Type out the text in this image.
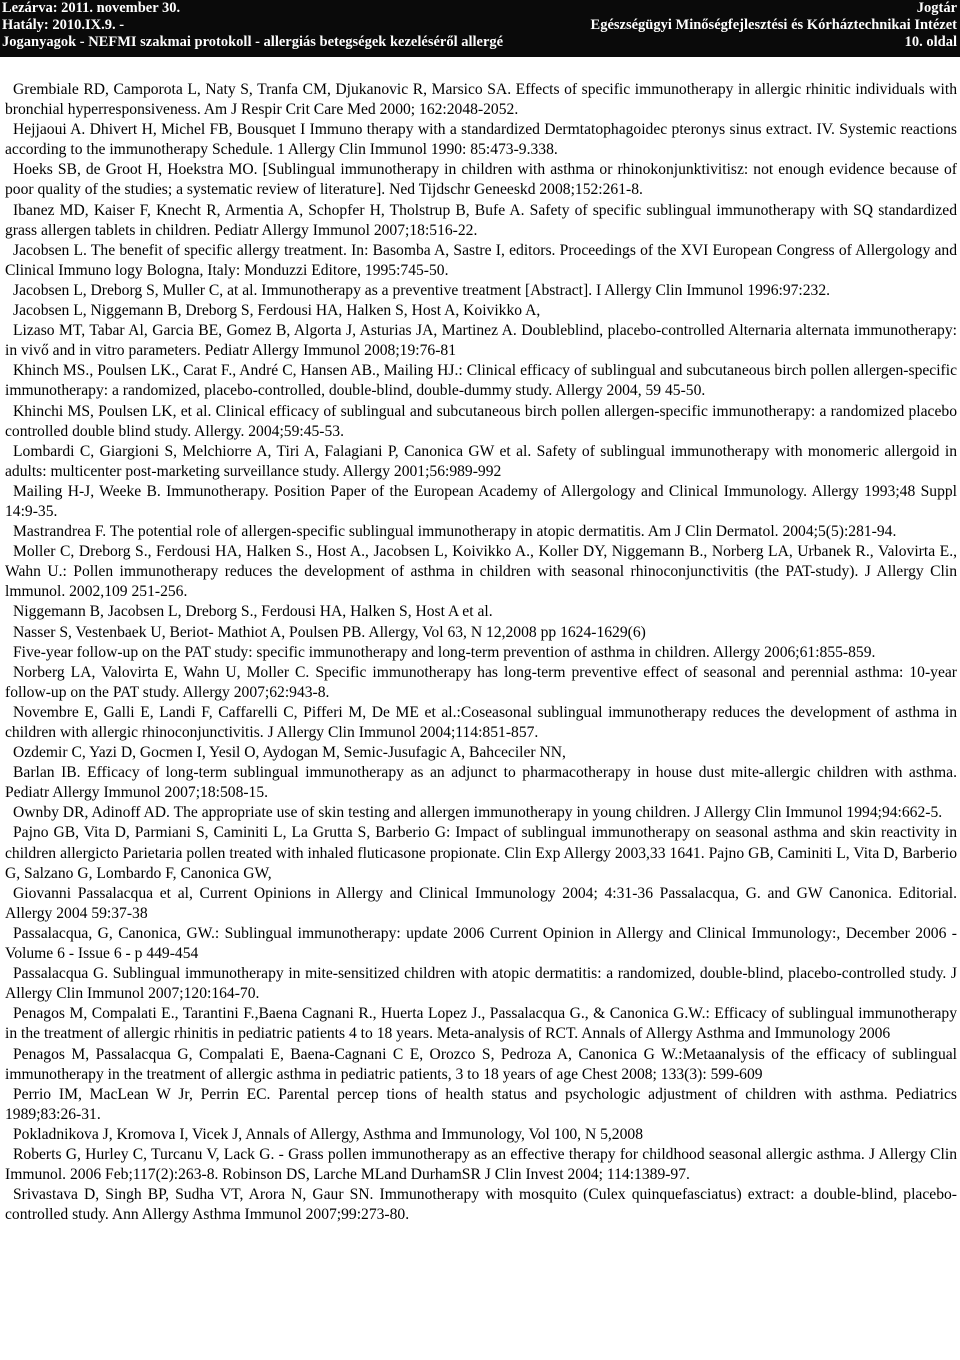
Lezárva: 2011. november 30.
Hatály: 2010.IX.9. -
Joganyagok - NEFMI szakmai protokoll - allergiás betegségek kezeléséről allergé
Jogtár
Egészségügyi Minőségfejlesztési és Kórháztechnikai Intézet
10. oldal

Grembiale RD, Camporota L, Naty S, Tranfa CM, Djukanovic R, Marsico SA. Effects of specific immunotherapy in allergic rhinitic individuals with bronchial hyperresponsiveness. Am J Respir Crit Care Med 2000; 162:2048-2052.

Hejjaoui A. Dhivert H, Michel FB, Bousquet I Immuno therapy with a standardized Dermtatophagoidec pteronys sinus extract. IV. Systemic reactions according to the immunotherapy Schedule. 1 Allergy Clin Immunol 1990: 85:473-9.338.

Hoeks SB, de Groot H, Hoekstra MO. [Sublingual immunotherapy in children with asthma or rhinokonjunktivitisz: not enough evidence because of poor quality of the studies; a systematic review of literature]. Ned Tijdschr Geneeskd 2008;152:261-8.

Ibanez MD, Kaiser F, Knecht R, Armentia A, Schopfer H, Tholstrup B, Bufe A. Safety of specific sublingual immunotherapy with SQ standardized grass allergen tablets in children. Pediatr Allergy Immunol 2007;18:516-22.

Jacobsen L. The benefit of specific allergy treatment. In: Basomba A, Sastre I, editors. Proceedings of the XVI European Congress of Allergology and Clinical Immuno logy Bologna, Italy: Monduzzi Editore, 1995:745-50.

Jacobsen L, Dreborg S, Muller C, at al. Immunotherapy as a preventive treatment [Abstract]. I Allergy Clin Immunol 1996:97:232.

Jacobsen L, Niggemann B, Dreborg S, Ferdousi HA, Halken S, Host A, Koivikko A,

Lizaso MT, Tabar Al, Garcia BE, Gomez B, Algorta J, Asturias JA, Martinez A. Doubleblind, placebo-controlled Alternaria alternata immunotherapy: in vivő and in vitro parameters. Pediatr Allergy Immunol 2008;19:76-81

Khinch MS., Poulsen LK., Carat F., André C, Hansen AB., Mailing HJ.: Clinical efficacy of sublingual and subcutaneous birch pollen allergen-specific immunotherapy: a randomized, placebo-controlled, double-blind, double-dummy study. Allergy 2004, 59 45-50.

Khinchi MS, Poulsen LK, et al. Clinical efficacy of sublingual and subcutaneous birch pollen allergen-specific immunotherapy: a randomized placebo controlled double blind study. Allergy. 2004;59:45-53.

Lombardi C, Giargioni S, Melchiorre A, Tiri A, Falagiani P, Canonica GW et al. Safety of sublingual immunotherapy with monomeric allergoid in adults: multicenter post-marketing surveillance study. Allergy 2001;56:989-992

Mailing H-J, Weeke B. Immunotherapy. Position Paper of the European Academy of Allergology and Clinical Immunology. Allergy 1993;48 Suppl 14:9-35.

Mastrandrea F. The potential role of allergen-specific sublingual immunotherapy in atopic dermatitis. Am J Clin Dermatol. 2004;5(5):281-94.

Moller C, Dreborg S., Ferdousi HA, Halken S., Host A., Jacobsen L, Koivikko A., Koller DY, Niggemann B., Norberg LA, Urbanek R., Valovirta E., Wahn U.: Pollen immunotherapy reduces the development of asthma in children with seasonal rhinoconjunctivitis (the PAT-study). J Allergy Clin lmmunol. 2002,109 251-256.

Niggemann B, Jacobsen L, Dreborg S., Ferdousi HA, Halken S, Host A et al.

Nasser S, Vestenbaek U, Beriot- Mathiot A, Poulsen PB. Allergy, Vol 63, N 12,2008 pp 1624-1629(6)

Five-year follow-up on the PAT study: specific immunotherapy and long-term prevention of asthma in children. Allergy 2006;61:855-859.

Norberg LA, Valovirta E, Wahn U, Moller C. Specific immunotherapy has long-term preventive effect of seasonal and perennial asthma: 10-year follow-up on the PAT study. Allergy 2007;62:943-8.

Novembre E, Galli E, Landi F, Caffarelli C, Pifferi M, De ME et al.:Coseasonal sublingual immunotherapy reduces the development of asthma in children with allergic rhinoconjunctivitis. J Allergy Clin Immunol 2004;114:851-857.

Ozdemir C, Yazi D, Gocmen I, Yesil O, Aydogan M, Semic-Jusufagic A, Bahceciler NN,

Barlan IB. Efficacy of long-term sublingual immunotherapy as an adjunct to pharmacotherapy in house dust mite-allergic children with asthma. Pediatr Allergy Immunol 2007;18:508-15.

Ownby DR, Adinoff AD. The appropriate use of skin testing and allergen immunotherapy in young children. J Allergy Clin Immunol 1994;94:662-5.

Pajno GB, Vita D, Parmiani S, Caminiti L, La Grutta S, Barberio G: Impact of sublingual immunotherapy on seasonal asthma and skin reactivity in children allergicto Parietaria pollen treated with inhaled fluticasone propionate. Clin Exp Allergy 2003,33 1641. Pajno GB, Caminiti L, Vita D, Barberio G, Salzano G, Lombardo F, Canonica GW,

Giovanni Passalacqua et al, Current Opinions in Allergy and Clinical Immunology 2004; 4:31-36 Passalacqua, G. and GW Canonica. Editorial. Allergy 2004 59:37-38

Passalacqua, G, Canonica, GW.: Sublingual immunotherapy: update 2006 Current Opinion in Allergy and Clinical Immunology:, December 2006 - Volume 6 - Issue 6 - p 449-454

Passalacqua G. Sublingual immunotherapy in mite-sensitized children with atopic dermatitis: a randomized, double-blind, placebo-controlled study. J Allergy Clin Immunol 2007;120:164-70.

Penagos M, Compalati E., Tarantini F.,Baena Cagnani R., Huerta Lopez J., Passalacqua G., & Canonica G.W.: Efficacy of sublingual immunotherapy in the treatment of allergic rhinitis in pediatric patients 4 to 18 years. Meta-analysis of RCT. Annals of Allergy Asthma and Immunology 2006

Penagos M, Passalacqua G, Compalati E, Baena-Cagnani C E, Orozco S, Pedroza A, Canonica G W.:Metaanalysis of the efficacy of sublingual immunotherapy in the treatment of allergic asthma in pediatric patients, 3 to 18 years of age Chest 2008; 133(3): 599-609

Perrio IM, MacLean W Jr, Perrin EC. Parental percep tions of health status and psychologic adjustment of children with asthma. Pediatrics 1989;83:26-31.

Pokladnikova J, Kromova I, Vicek J, Annals of Allergy, Asthma and Immunology, Vol 100, N 5,2008

Roberts G, Hurley C, Turcanu V, Lack G. - Grass pollen immunotherapy as an effective therapy for childhood seasonal allergic asthma. J Allergy Clin Immunol. 2006 Feb;117(2):263-8. Robinson DS, Larche MLand DurhamSR J Clin Invest 2004; 114:1389-97.

Srivastava D, Singh BP, Sudha VT, Arora N, Gaur SN. Immunotherapy with mosquito (Culex quinquefasciatus) extract: a double-blind, placebo-controlled study. Ann Allergy Asthma Immunol 2007;99:273-80.
